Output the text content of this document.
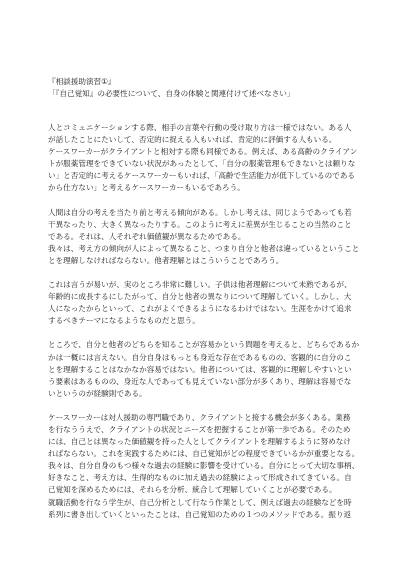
『相談援助演習①』
「『自己覚知』の必要性について、自身の体験と関連付けて述べなさい」
人とコミュニケーションする際、相手の言葉や行動の受け取り方は一様ではない。ある人
が話したことにたいして、否定的に捉える人もいれば、肯定的に評価する人もいる。
ケースワーカーがクライアントと相対する際も同様である。例えば、ある高齢のクライアン
トが服薬管理をできていない状況があったとして、「自分の服薬管理もできないとは頼りな
い」と否定的に考えるケースワーカーもいれば、「高齢で生活能力が低下しているのである
から仕方ない」と考えるケースワーカーもいるであろう。
人間は自分の考えを当たり前と考える傾向がある。しかし考えは、同じようであっても若
干異なったり、大きく異なったりする。このように考えに差異が生じることの当然のこと
である。それは、人それぞれ価値観が異なるためである。
我々は、考え方の傾向が人によって異なること、つまり自分と他者は違っているということ
とを理解しなければならない。他者理解とはこういうことであろう。
これは言うが易いが、実のところ非常に難しい。子供は他者理解について未熟であるが、
年齢的に成長するにしたがって、自分と他者の異なりについて理解していく。しかし、大
人になったからといって、これがよくできるようになるわけではない。生涯をかけて追求
するべきテーマになるようなものだと思う。
ところで、自分と他者のどちらを知ることが容易かという問題を考えると、どちらであるか
かは一概には言えない。自分自身はもっとも身近な存在であるものの、客観的に自分のこ
とを理解することはなかなか容易ではない。他者については、客観的に理解しやすいとい
う要素はあるものの、身近な人であっても見えていない部分が多くあり、理解は容易でな
いというのが経験則である。
ケースワーカーは対人援助の専門職であり、クライアントと接する機会が多くある。業務
を行なううえで、クライアントの状況とニーズを把握することが第一歩である。そのため
には、自己とは異なった価値観を持った人としてクライアントを理解するように努めなけ
ればならない。これを実践するためには、自己覚知がどの程度できているかが重要となる。
我々は、自分自身のもつ様々な過去の経験に影響を受けている。自分にとって大切な事柄、
好きなこと、考え方は、生得的なものに加え過去の経験によって形成されてきている。自
己覚知を深めるためには、それらを分析、統合して理解していくことが必要である。
就職活動を行なう学生が、自己分析として行なう作業として、例えば過去の経験などを時
系列に書き出していくといったことは、自己覚知のための１つのメソッドである。振り返
